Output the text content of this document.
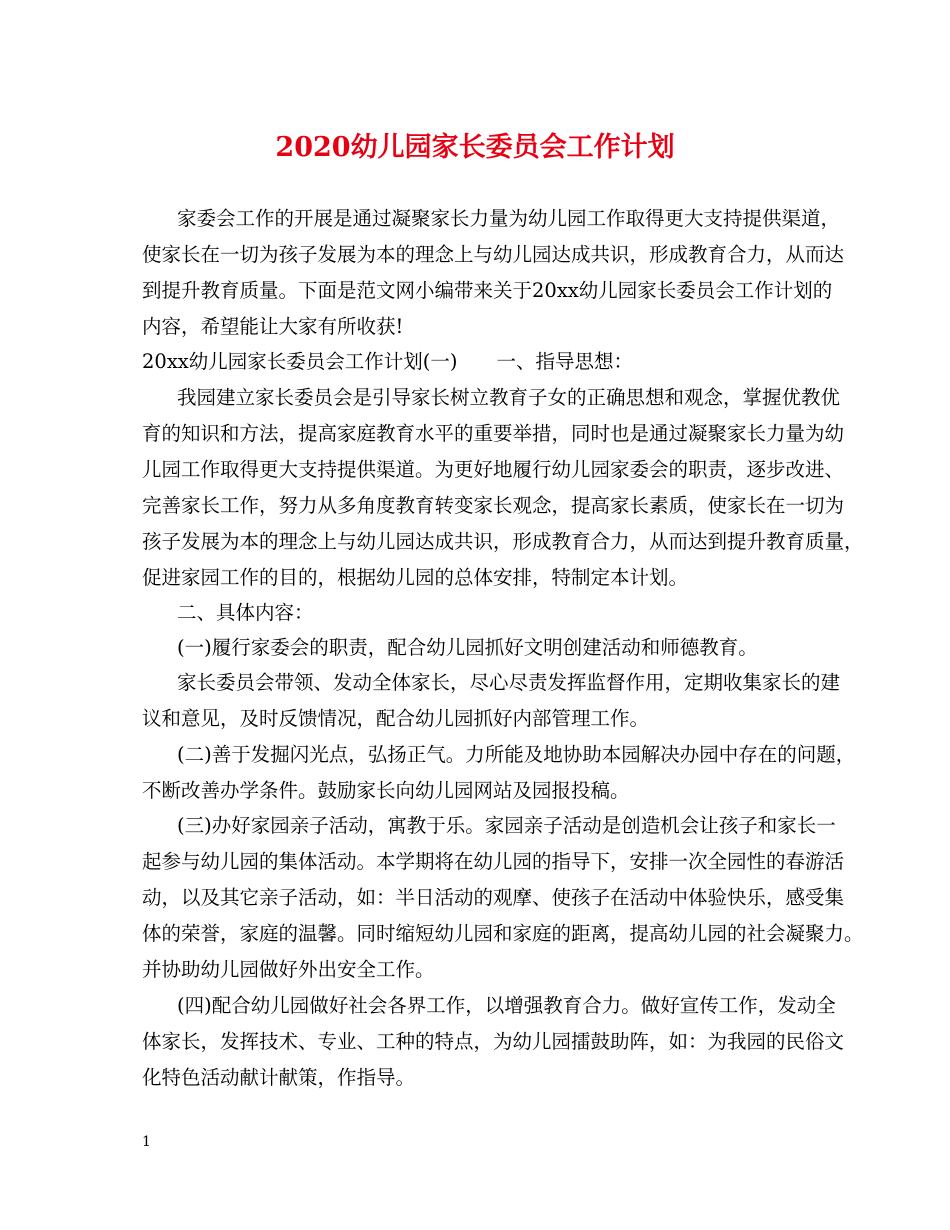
2020幼儿园家长委员会工作计划
家委会工作的开展是通过凝聚家长力量为幼儿园工作取得更大支持提供渠道，
使家长在一切为孩子发展为本的理念上与幼儿园达成共识，形成教育合力，从而达
到提升教育质量。下面是范文网小编带来关于20xx幼儿园家长委员会工作计划的
内容，希望能让大家有所收获!
20xx幼儿园家长委员会工作计划(一)　　一、指导思想：
我园建立家长委员会是引导家长树立教育子女的正确思想和观念，掌握优教优
育的知识和方法，提高家庭教育水平的重要举措，同时也是通过凝聚家长力量为幼
儿园工作取得更大支持提供渠道。为更好地履行幼儿园家委会的职责，逐步改进、
完善家长工作，努力从多角度教育转变家长观念，提高家长素质，使家长在一切为
孩子发展为本的理念上与幼儿园达成共识，形成教育合力，从而达到提升教育质量，
促进家园工作的目的，根据幼儿园的总体安排，特制定本计划。
二、具体内容：
(一)履行家委会的职责，配合幼儿园抓好文明创建活动和师德教育。
家长委员会带领、发动全体家长，尽心尽责发挥监督作用，定期收集家长的建
议和意见，及时反馈情况，配合幼儿园抓好内部管理工作。
(二)善于发掘闪光点，弘扬正气。力所能及地协助本园解决办园中存在的问题，
不断改善办学条件。鼓励家长向幼儿园网站及园报投稿。
(三)办好家园亲子活动，寓教于乐。家园亲子活动是创造机会让孩子和家长一
起参与幼儿园的集体活动。本学期将在幼儿园的指导下，安排一次全园性的春游活
动，以及其它亲子活动，如：半日活动的观摩、使孩子在活动中体验快乐，感受集
体的荣誉，家庭的温馨。同时缩短幼儿园和家庭的距离，提高幼儿园的社会凝聚力。
并协助幼儿园做好外出安全工作。
(四)配合幼儿园做好社会各界工作，以增强教育合力。做好宣传工作，发动全
体家长，发挥技术、专业、工种的特点，为幼儿园擂鼓助阵，如：为我园的民俗文
化特色活动献计献策，作指导。
1
